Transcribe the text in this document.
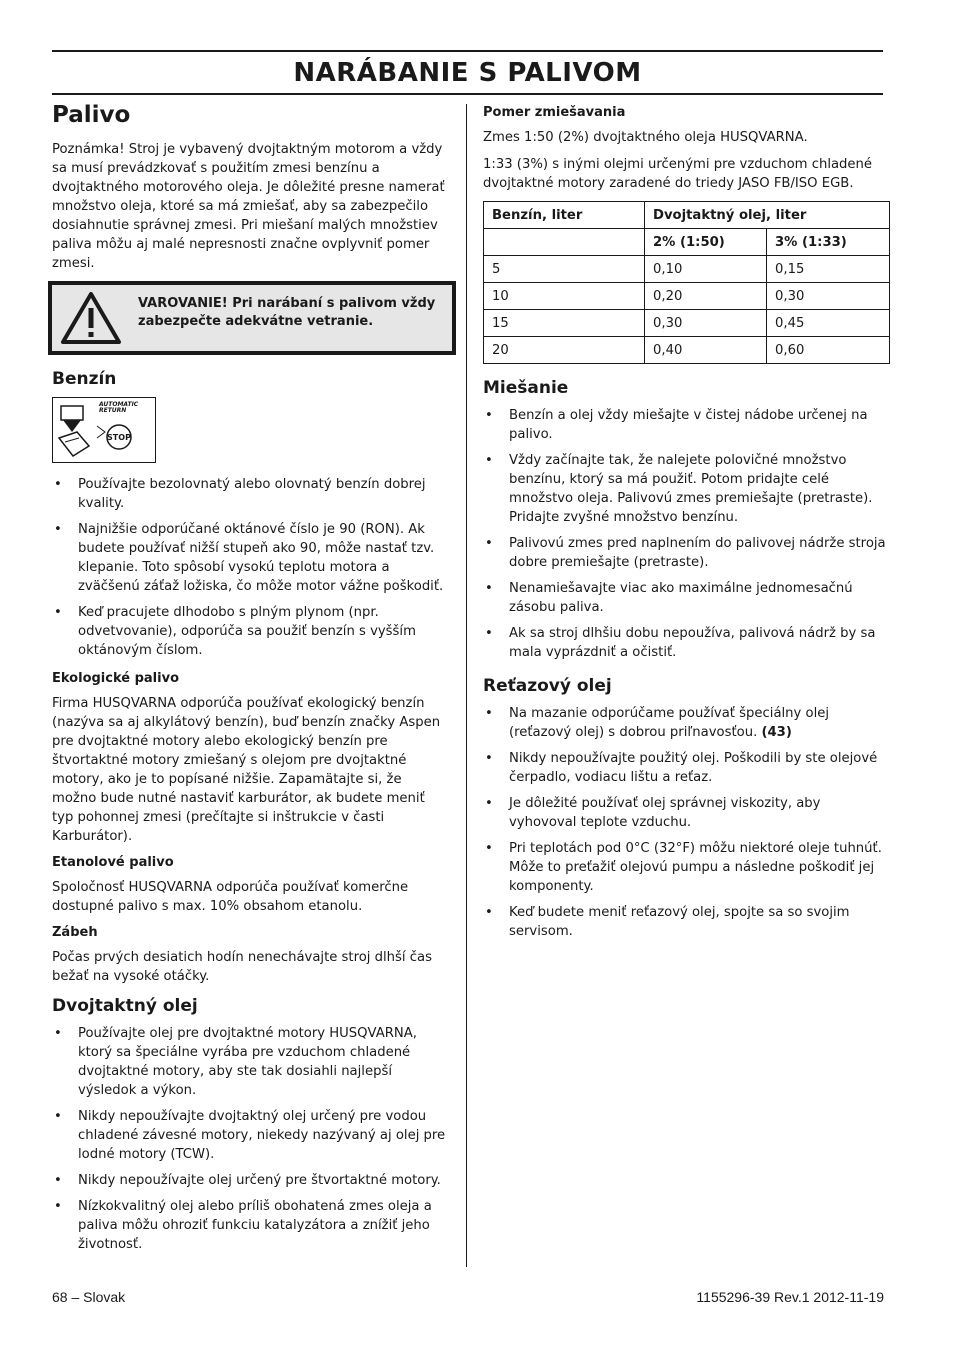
NARÁBANIE S PALIVOM
Palivo

Poznámka! Stroj je vybavený dvojtaktným motorom a vždy sa musí prevádzkovať s použitím zmesi benzínu a dvojtaktného motorového oleja. Je dôležité presne namerať množstvo oleja, ktoré sa má zmiešať, aby sa zabezpečilo dosiahnutie správnej zmesi. Pri miešaní malých množstiev paliva môžu aj malé nepresnosti značne ovplyvniť pomer zmesi.

VAROVANIE! Pri narábaní s palivom vždy zabezpečte adekvátne vetranie.
Benzín
STOP
AUTOMATIC RETURN
• Používajte bezolovnatý alebo olovnatý benzín dobrej kvality.
• Najnižšie odporúčané oktánové číslo je 90 (RON). Ak budete používať nižší stupeň ako 90, môže nastať tzv. klepanie. Toto spôsobí vysokú teplotu motora a zväčšenú záťaž ložiska, čo môže motor vážne poškodiť.
• Keď pracujete dlhodobo s plným plynom (npr. odvetvovanie), odporúča sa použiť benzín s vyšším oktánovým číslom.
Ekologické palivo

Firma HUSQVARNA odporúča používať ekologický benzín (nazýva sa aj alkylátový benzín), buď benzín značky Aspen pre dvojtaktné motory alebo ekologický benzín pre štvortaktné motory zmiešaný s olejom pre dvojtaktné motory, ako je to popísané nižšie. Zapamätajte si, že možno bude nutné nastaviť karburátor, ak budete meniť typ pohonnej zmesi (prečítajte si inštrukcie v časti Karburátor).

Etanolové palivo

Spoločnosť HUSQVARNA odporúča používať komerčne dostupné palivo s max. 10% obsahom etanolu.

Zábeh

Počas prvých desiatich hodín nenechávajte stroj dlhší čas bežať na vysoké otáčky.

Dvojtaktný olej
• Používajte olej pre dvojtaktné motory HUSQVARNA, ktorý sa špeciálne vyrába pre vzduchom chladené dvojtaktné motory, aby ste tak dosiahli najlepší výsledok a výkon.
• Nikdy nepoužívajte dvojtaktný olej určený pre vodou chladené závesné motory, niekedy nazývaný aj olej pre lodné motory (TCW).
• Nikdy nepoužívajte olej určený pre štvortaktné motory.
• Nízkokvalitný olej alebo príliš obohatená zmes oleja a paliva môžu ohroziť funkciu katalyzátora a znížiť jeho životnosť.
Pomer zmiešavania

Zmes 1:50 (2%) dvojtaktného oleja HUSQVARNA.

1:33 (3%) s inými olejmi určenými pre vzduchom chladené dvojtaktné motory zaradené do triedy JASO FB/ISO EGB.

Benzín, liter	Dvojtaktný olej, liter	
	2% (1:50)	3% (1:33)
5	0,10	0,15
10	0,20	0,30
15	0,30	0,45
20	0,40	0,60
Miešanie
• Benzín a olej vždy miešajte v čistej nádobe určenej na palivo.
• Vždy začínajte tak, že nalejete polovičné množstvo benzínu, ktorý sa má použiť. Potom pridajte celé množstvo oleja. Palivovú zmes premiešajte (pretraste). Pridajte zvyšné množstvo benzínu.
• Palivovú zmes pred naplnením do palivovej nádrže stroja dobre premiešajte (pretraste).
• Nenamiešavajte viac ako maximálne jednomesačnú zásobu paliva.
• Ak sa stroj dlhšiu dobu nepoužíva, palivová nádrž by sa mala vyprázdniť a očistiť.
Reťazový olej
• Na mazanie odporúčame používať špeciálny olej (reťazový olej) s dobrou priľnavosťou. (43)
• Nikdy nepoužívajte použitý olej. Poškodili by ste olejové čerpadlo, vodiacu lištu a reťaz.
• Je dôležité používať olej správnej viskozity, aby vyhovoval teplote vzduchu.
• Pri teplotách pod 0°C (32°F) môžu niektoré oleje tuhnúť. Môže to preťažiť olejovú pumpu a následne poškodiť jej komponenty.
• Keď budete meniť reťazový olej, spojte sa so svojim servisom.
68 – Slovak	1155296-39 Rev.1 2012-11-19
